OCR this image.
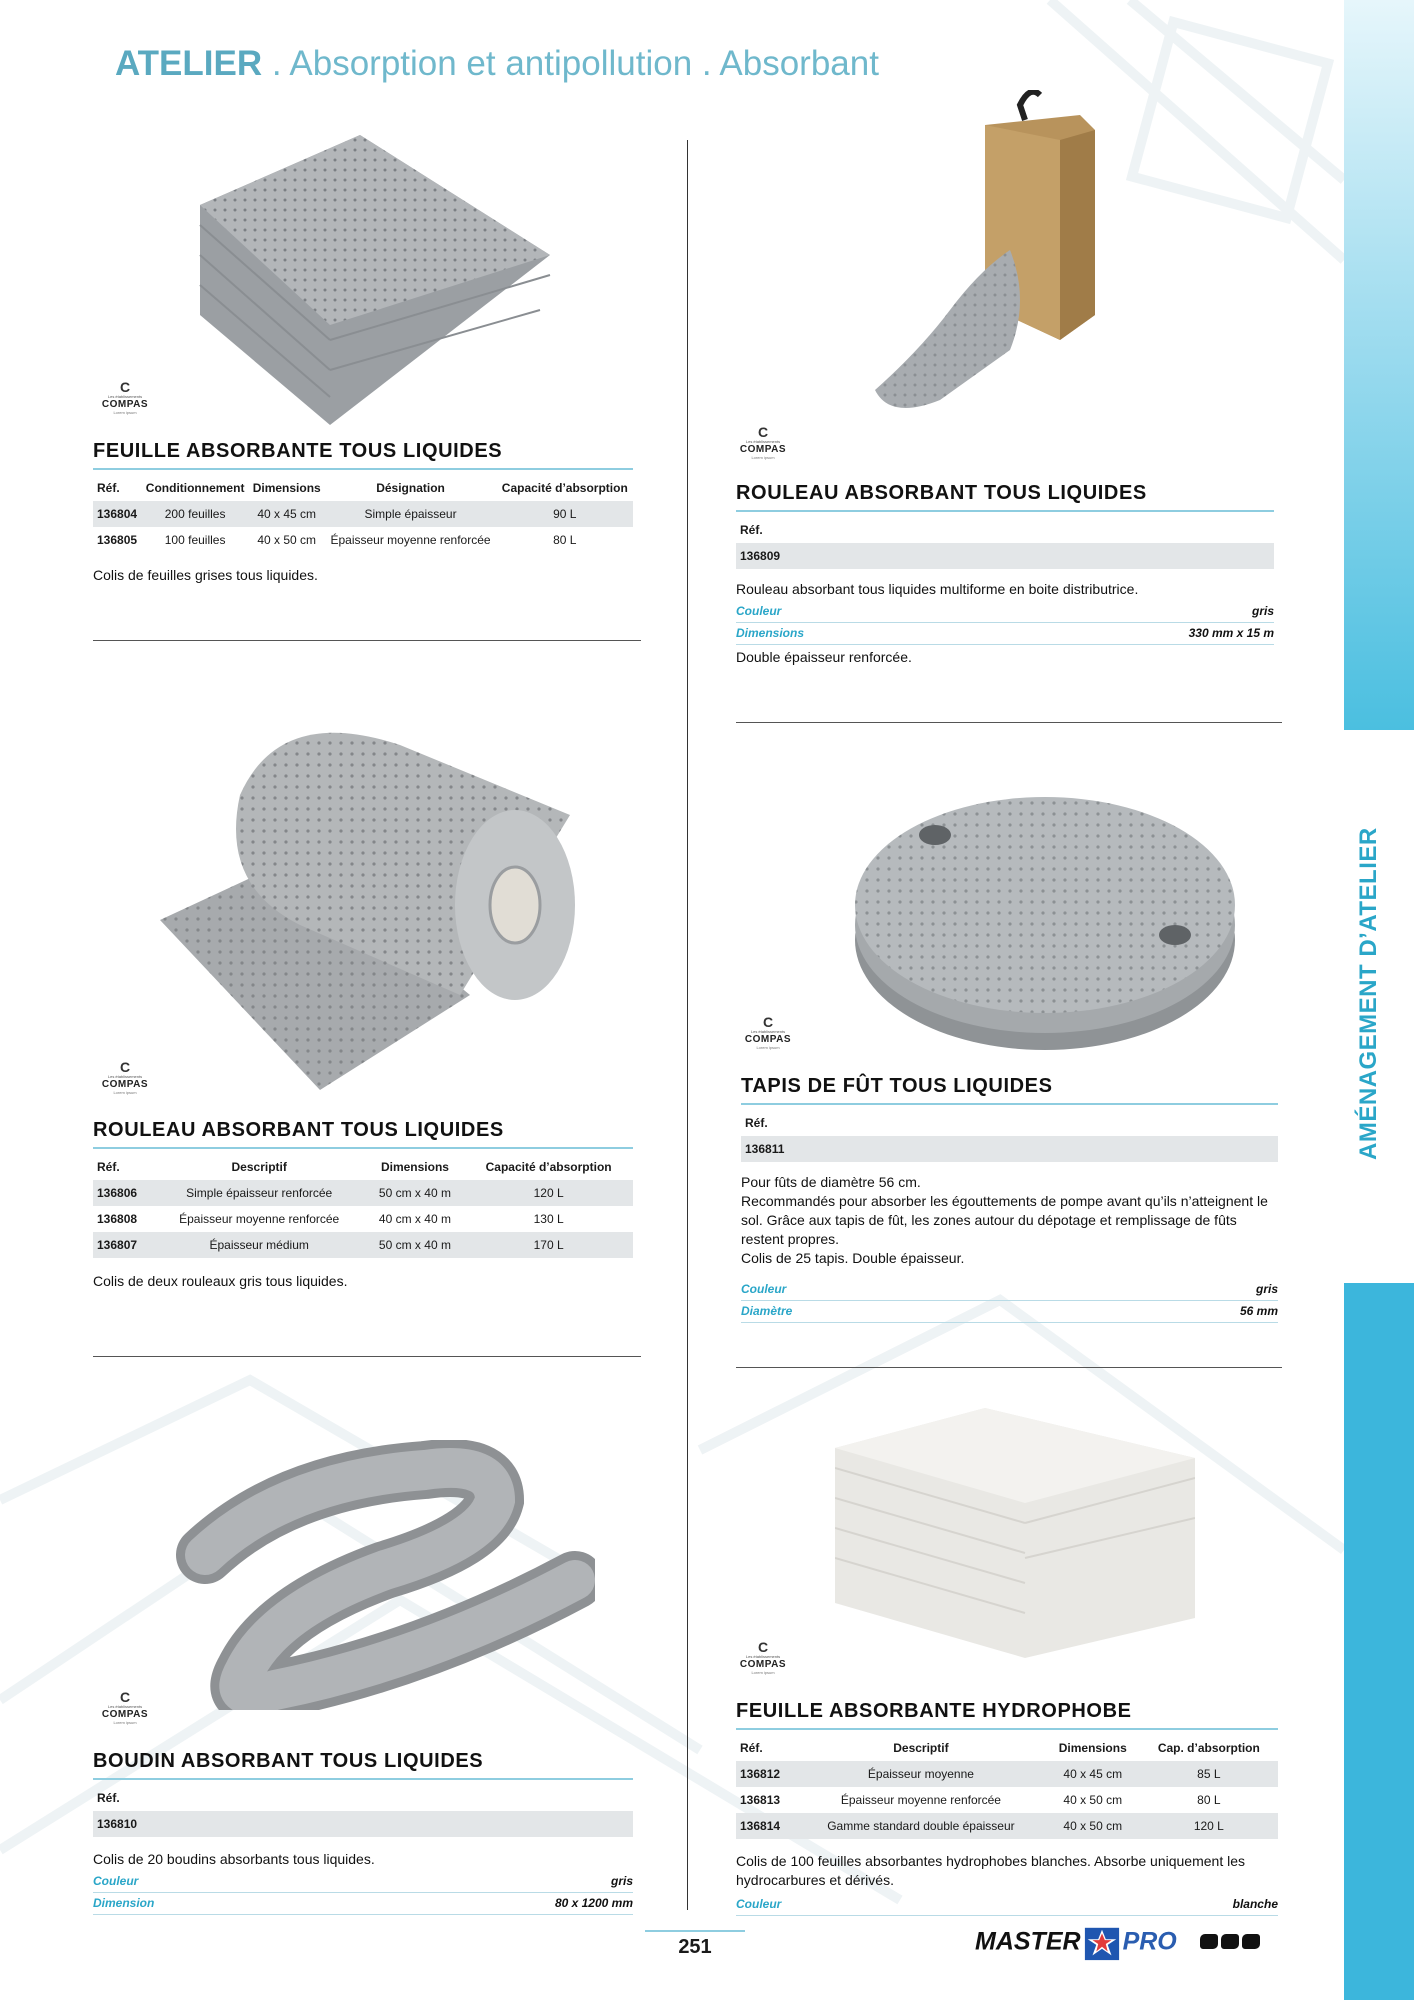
ATELIER . Absorption et antipollution . Absorbant
AMÉNAGEMENT D’ATELIER
C
Les établissements
COMPAS
Lorem ipsum
FEUILLE ABSORBANTE TOUS LIQUIDES
Réf.	Conditionnement	Dimensions	Désignation	Capacité d’absorption
136804	200 feuilles	40 x 45 cm	Simple épaisseur	90 L
136805	100 feuilles	40 x 50 cm	Épaisseur moyenne renforcée	80 L
Colis de feuilles grises tous liquides.
C
Les établissements
COMPAS
Lorem ipsum
ROULEAU ABSORBANT TOUS LIQUIDES
Réf.	Descriptif	Dimensions	Capacité d’absorption
136806	Simple épaisseur renforcée	50 cm x 40 m	120 L
136808	Épaisseur moyenne renforcée	40 cm x 40 m	130 L
136807	Épaisseur médium	50 cm x 40 m	170 L
Colis de deux rouleaux gris tous liquides.
C
Les établissements
COMPAS
Lorem ipsum
BOUDIN ABSORBANT TOUS LIQUIDES
Réf.
136810
Colis de 20 boudins absorbants tous liquides.
Couleur	gris
Dimension	80 x 1200 mm
C
Les établissements
COMPAS
Lorem ipsum
ROULEAU ABSORBANT TOUS LIQUIDES
Réf.
136809
Rouleau absorbant tous liquides multiforme en boite distributrice.
Couleur	gris
Dimensions	330 mm x 15 m
Double épaisseur renforcée.
C
Les établissements
COMPAS
Lorem ipsum
TAPIS DE FÛT TOUS LIQUIDES
Réf.
136811
Pour fûts de diamètre 56 cm.
Recommandés pour absorber les égouttements de pompe avant qu’ils n’atteignent le sol. Grâce aux tapis de fût, les zones autour du dépotage et remplissage de fûts restent propres.
Colis de 25 tapis. Double épaisseur.
Couleur	gris
Diamètre	56 mm
C
Les établissements
COMPAS
Lorem ipsum
FEUILLE ABSORBANTE HYDROPHOBE
Réf.	Descriptif	Dimensions	Cap. d’absorption
136812	Épaisseur moyenne	40 x 45 cm	85 L
136813	Épaisseur moyenne renforcée	40 x 50 cm	80 L
136814	Gamme standard double épaisseur	40 x 50 cm	120 L
Colis de 100 feuilles absorbantes hydrophobes blanches. Absorbe uniquement les hydrocarbures et dérivés.
Couleur	blanche
251	MASTER PRO
